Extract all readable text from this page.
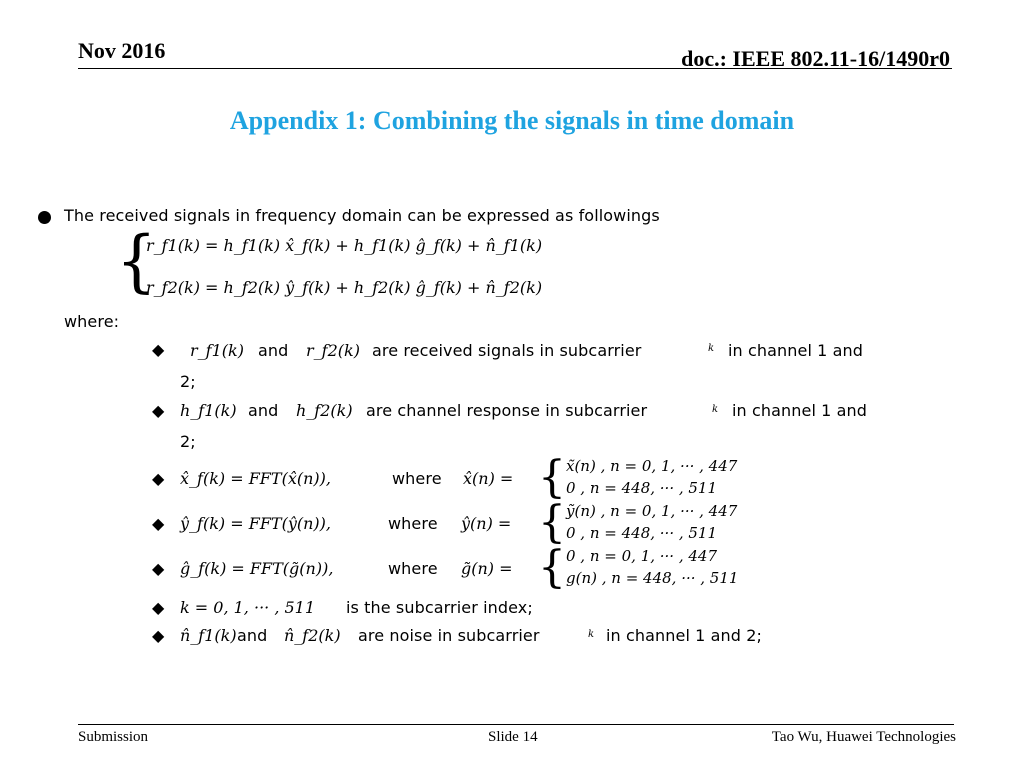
Nov 2016	doc.: IEEE 802.11-16/1490r0
Appendix 1: Combining the signals in time domain
The received signals in frequency domain can be expressed as followings
{
r_f1(k) = h_f1(k) x̂_f(k) + h_f1(k) ĝ_f(k) + n̂_f1(k)
r_f2(k) = h_f2(k) ŷ_f(k) + h_f2(k) ĝ_f(k) + n̂_f2(k)
where:
◆ r_f1(k) and r_f2(k) are received signals in subcarrier	k in channel 1 and
2;
◆ h_f1(k) and h_f2(k) are channel response in subcarrier	k in channel 1 and
2;
◆ x̂_f(k) = FFT(x̂(n)),	where x̂(n) = { x̃(n) , n = 0, 1, ··· , 447
0 , n = 448, ··· , 511
◆ ŷ_f(k) = FFT(ŷ(n)),	where ŷ(n) = { ỹ(n) , n = 0, 1, ··· , 447
0 , n = 448, ··· , 511
◆ ĝ_f(k) = FFT(g̃(n)),	where g̃(n) = { 0 , n = 0, 1, ··· , 447
g(n) , n = 448, ··· , 511
◆ k = 0, 1, ··· , 511 is the subcarrier index;
◆ n̂_f1(k) and n̂_f2(k) are noise in subcarrier	k in channel 1 and 2;
Submission	Slide 14	Tao Wu, Huawei Technologies
